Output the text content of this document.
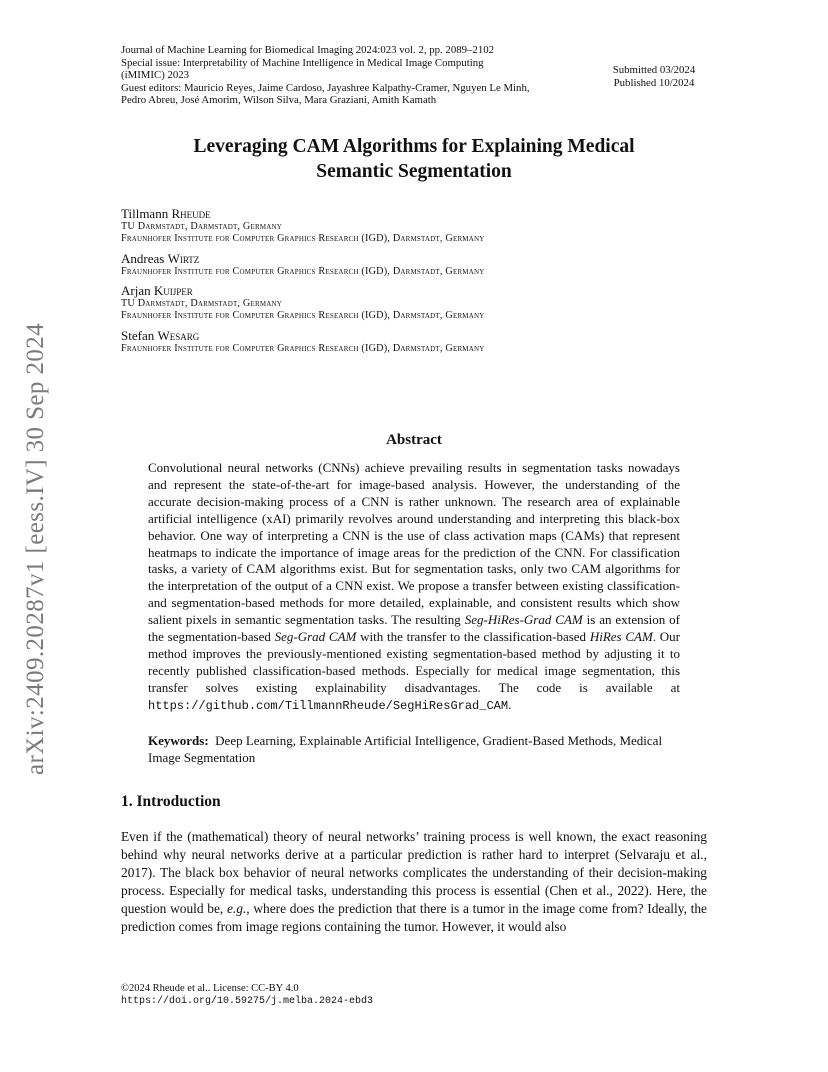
Journal of Machine Learning for Biomedical Imaging 2024:023 vol. 2, pp. 2089–2102
Special issue: Interpretability of Machine Intelligence in Medical Image Computing
(iMIMIC) 2023
Guest editors: Mauricio Reyes, Jaime Cardoso, Jayashree Kalpathy-Cramer, Nguyen Le Minh,
Pedro Abreu, José Amorim, Wilson Silva, Mara Graziani, Amith Kamath
Submitted 03/2024
Published 10/2024
arXiv:2409.20287v1 [eess.IV] 30 Sep 2024
Leveraging CAM Algorithms for Explaining Medical
Semantic Segmentation
Tillmann Rheude
TU Darmstadt, Darmstadt, Germany
Fraunhofer Institute for Computer Graphics Research (IGD), Darmstadt, Germany
Andreas Wirtz
Fraunhofer Institute for Computer Graphics Research (IGD), Darmstadt, Germany
Arjan Kuijper
TU Darmstadt, Darmstadt, Germany
Fraunhofer Institute for Computer Graphics Research (IGD), Darmstadt, Germany
Stefan Wesarg
Fraunhofer Institute for Computer Graphics Research (IGD), Darmstadt, Germany
Abstract
Convolutional neural networks (CNNs) achieve prevailing results in segmentation tasks nowadays and represent the state-of-the-art for image-based analysis. However, the understanding of the accurate decision-making process of a CNN is rather unknown. The research area of explainable artificial intelligence (xAI) primarily revolves around understanding and interpreting this black-box behavior. One way of interpreting a CNN is the use of class activation maps (CAMs) that represent heatmaps to indicate the importance of image areas for the prediction of the CNN. For classification tasks, a variety of CAM algorithms exist. But for segmentation tasks, only two CAM algorithms for the interpretation of the output of a CNN exist. We propose a transfer between existing classification- and segmentation-based methods for more detailed, explainable, and consistent results which show salient pixels in semantic segmentation tasks. The resulting Seg-HiRes-Grad CAM is an extension of the segmentation-based Seg-Grad CAM with the transfer to the classification-based HiRes CAM. Our method improves the previously-mentioned existing segmentation-based method by adjusting it to recently published classification-based methods. Especially for medical image segmentation, this transfer solves existing explainability disadvantages. The code is available at https://github.com/TillmannRheude/SegHiResGrad_CAM.
Keywords: Deep Learning, Explainable Artificial Intelligence, Gradient-Based Methods, Medical Image Segmentation
1. Introduction
Even if the (mathematical) theory of neural networks’ training process is well known, the exact reasoning behind why neural networks derive at a particular prediction is rather hard to interpret (Selvaraju et al., 2017). The black box behavior of neural networks complicates the understanding of their decision-making process. Especially for medical tasks, understanding this process is essential (Chen et al., 2022). Here, the question would be, e.g., where does the prediction that there is a tumor in the image come from? Ideally, the prediction comes from image regions containing the tumor. However, it would also
©2024 Rheude et al.. License: CC-BY 4.0
https://doi.org/10.59275/j.melba.2024-ebd3
